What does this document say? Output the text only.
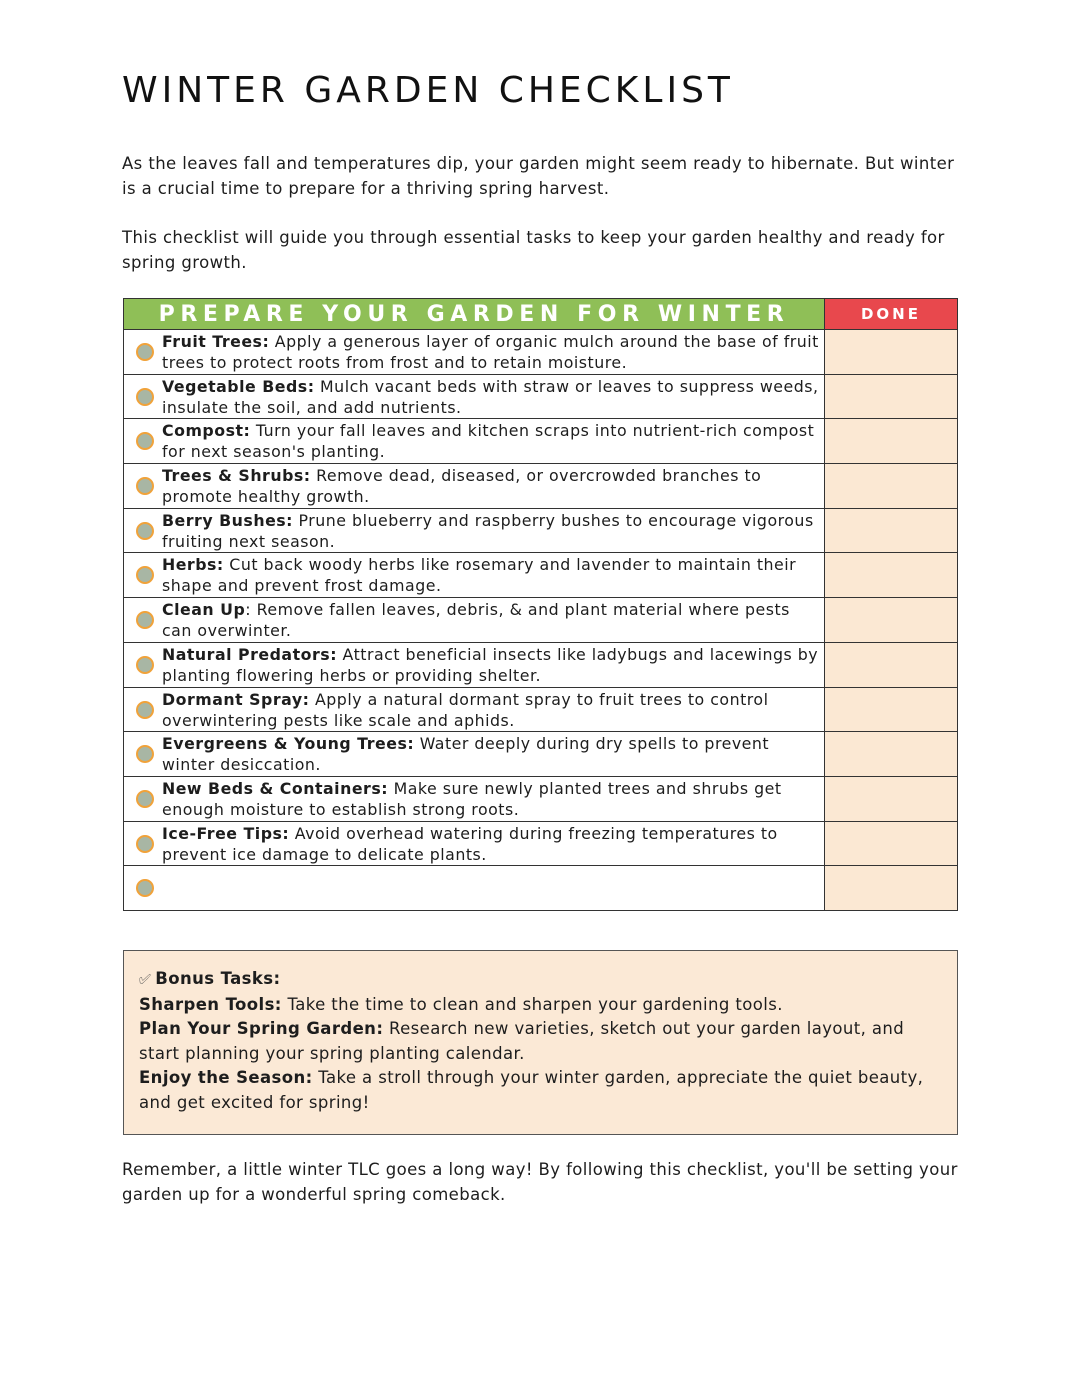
WINTER GARDEN CHECKLIST

As the leaves fall and temperatures dip, your garden might seem ready to hibernate. But winter is a crucial time to prepare for a thriving spring harvest.

This checklist will guide you through essential tasks to keep your garden healthy and ready for spring growth.

PREPARE YOUR GARDEN FOR WINTER	DONE
Fruit Trees: Apply a generous layer of organic mulch around the base of fruit trees to protect roots from frost and to retain moisture.
Vegetable Beds: Mulch vacant beds with straw or leaves to suppress weeds, insulate the soil, and add nutrients.
Compost: Turn your fall leaves and kitchen scraps into nutrient-rich compost for next season's planting.
Trees & Shrubs: Remove dead, diseased, or overcrowded branches to promote healthy growth.
Berry Bushes: Prune blueberry and raspberry bushes to encourage vigorous fruiting next season.
Herbs: Cut back woody herbs like rosemary and lavender to maintain their shape and prevent frost damage.
Clean Up: Remove fallen leaves, debris, & and plant material where pests can overwinter.
Natural Predators: Attract beneficial insects like ladybugs and lacewings by planting flowering herbs or providing shelter.
Dormant Spray: Apply a natural dormant spray to fruit trees to control overwintering pests like scale and aphids.
Evergreens & Young Trees: Water deeply during dry spells to prevent winter desiccation.
New Beds & Containers: Make sure newly planted trees and shrubs get enough moisture to establish strong roots.
Ice-Free Tips: Avoid overhead watering during freezing temperatures to prevent ice damage to delicate plants.
✅︎ Bonus Tasks:
Sharpen Tools: Take the time to clean and sharpen your gardening tools.
Plan Your Spring Garden: Research new varieties, sketch out your garden layout, and start planning your spring planting calendar.
Enjoy the Season: Take a stroll through your winter garden, appreciate the quiet beauty, and get excited for spring!

Remember, a little winter TLC goes a long way! By following this checklist, you'll be setting your garden up for a wonderful spring comeback.
